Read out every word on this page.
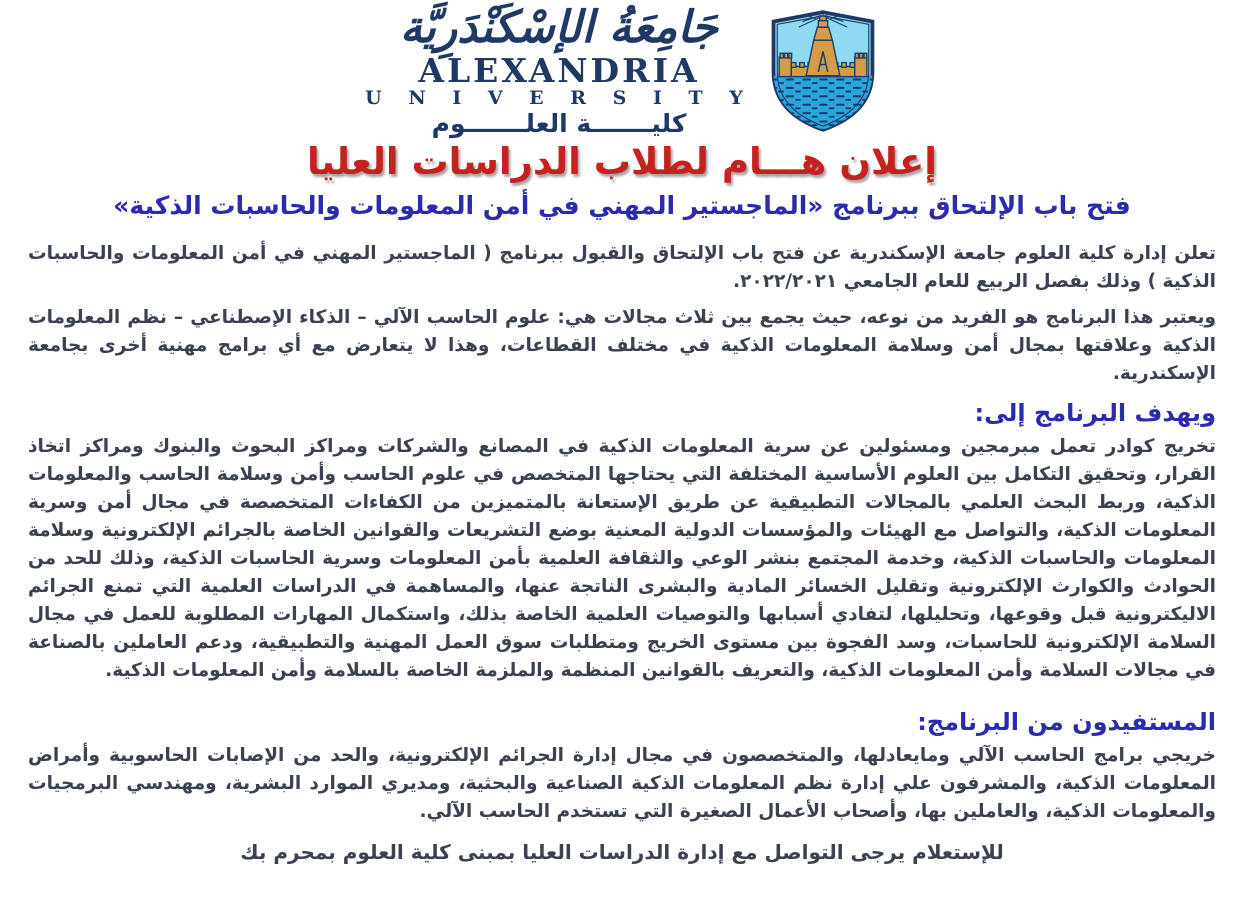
جَامِعَةُ الإسْكَنْدَرِيَّة
ALEXANDRIA
U N I V E R S I T Y
كليـــــــة العلـــــــوم
إعلان هـــام لطلاب الدراسات العليا
فتح باب الإلتحاق ببرنامج «الماجستير المهني في أمن المعلومات والحاسبات الذكية»

تعلن إدارة كلية العلوم جامعة الإسكندرية عن فتح باب الإلتحاق والقبول ببرنامج ( الماجستير المهني في أمن المعلومات والحاسبات الذكية ) وذلك بفصل الربيع للعام الجامعي ٢٠٢٢/٢٠٢١.

ويعتبر هذا البرنامج هو الفريد من نوعه، حيث يجمع بين ثلاث مجالات هي: علوم الحاسب الآلي – الذكاء الإصطناعي – نظم المعلومات الذكية وعلاقتها بمجال أمن وسلامة المعلومات الذكية في مختلف القطاعات، وهذا لا يتعارض مع أي برامج مهنية أخرى بجامعة الإسكندرية.

ويهدف البرنامج إلى:

تخريج كوادر تعمل مبرمجين ومسئولين عن سرية المعلومات الذكية في المصانع والشركات ومراكز البحوث والبنوك ومراكز اتخاذ القرار، وتحقيق التكامل بين العلوم الأساسية المختلفة التي يحتاجها المتخصص في علوم الحاسب وأمن وسلامة الحاسب والمعلومات الذكية، وربط البحث العلمي بالمجالات التطبيقية عن طريق الإستعانة بالمتميزين من الكفاءات المتخصصة في مجال أمن وسرية المعلومات الذكية، والتواصل مع الهيئات والمؤسسات الدولية المعنية بوضع التشريعات والقوانين الخاصة بالجرائم الإلكترونية وسلامة المعلومات والحاسبات الذكية، وخدمة المجتمع بنشر الوعي والثقافة العلمية بأمن المعلومات وسرية الحاسبات الذكية، وذلك للحد من الحوادث والكوارث الإلكترونية وتقليل الخسائر المادية والبشرى الناتجة عنها، والمساهمة في الدراسات العلمية التي تمنع الجرائم الاليكترونية قبل وقوعها، وتحليلها، لتفادي أسبابها والتوصيات العلمية الخاصة بذلك، واستكمال المهارات المطلوبة للعمل في مجال السلامة الإلكترونية للحاسبات، وسد الفجوة بين مستوى الخريج ومتطلبات سوق العمل المهنية والتطبيقية، ودعم العاملين بالصناعة في مجالات السلامة وأمن المعلومات الذكية، والتعريف بالقوانين المنظمة والملزمة الخاصة بالسلامة وأمن المعلومات الذكية.

المستفيدون من البرنامج:

خريجي برامج الحاسب الآلي ومايعادلها، والمتخصصون في مجال إدارة الجرائم الإلكترونية، والحد من الإصابات الحاسوبية وأمراض المعلومات الذكية، والمشرفون علي إدارة نظم المعلومات الذكية الصناعية والبحثية، ومديري الموارد البشرية، ومهندسي البرمجيات والمعلومات الذكية، والعاملين بها، وأصحاب الأعمال الصغيرة التي تستخدم الحاسب الآلي.

للإستعلام يرجى التواصل مع إدارة الدراسات العليا بمبنى كلية العلوم بمحرم بك
